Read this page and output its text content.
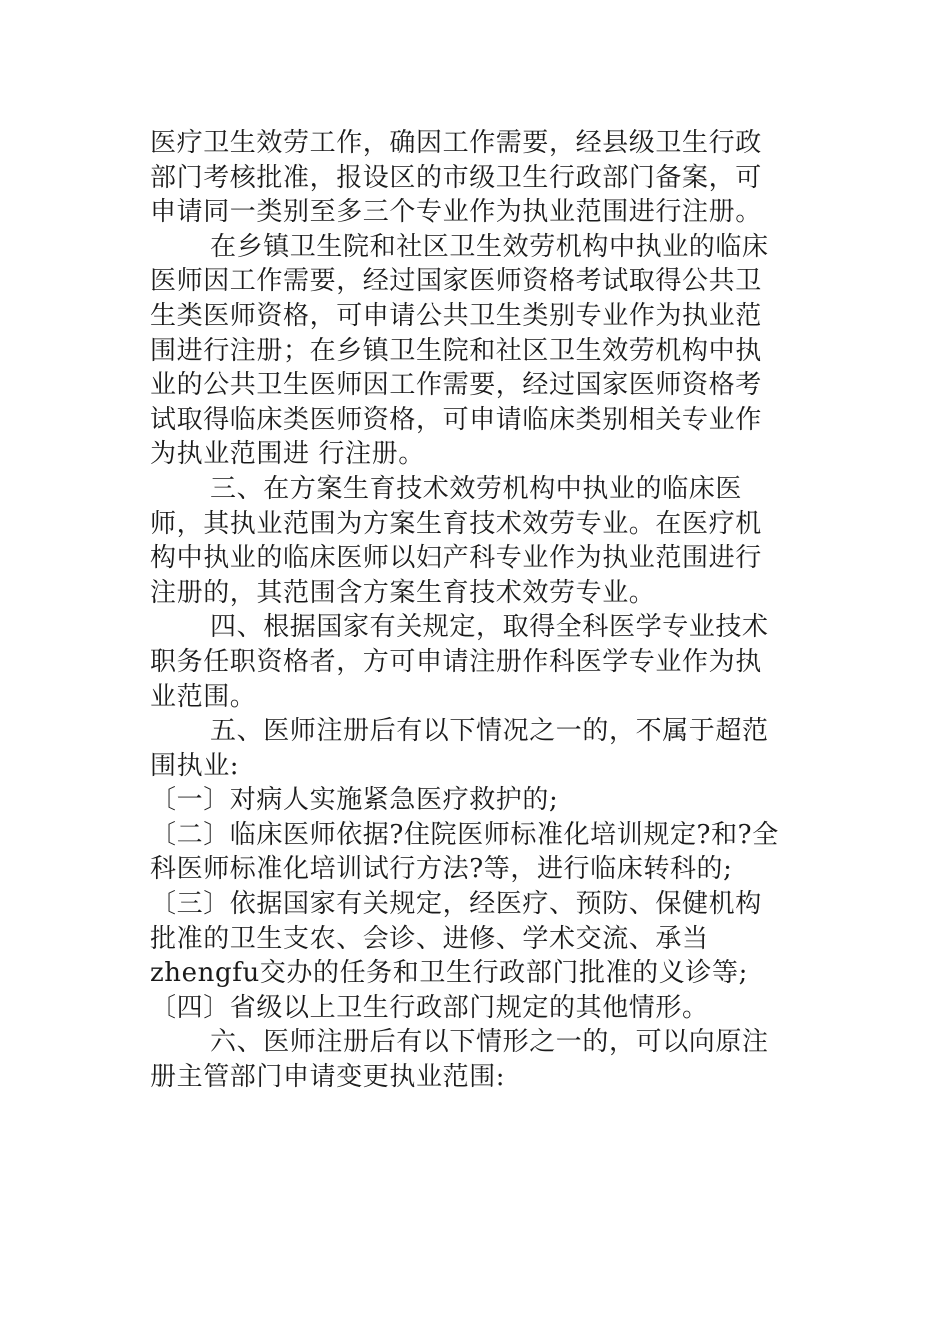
医疗卫生效劳工作，确因工作需要，经县级卫生行政部门考核批准，报设区的市级卫生行政部门备案，可申请同一类别至多三个专业作为执业范围进行注册。

在乡镇卫生院和社区卫生效劳机构中执业的临床医师因工作需要，经过国家医师资格考试取得公共卫生类医师资格，可申请公共卫生类别专业作为执业范围进行注册；在乡镇卫生院和社区卫生效劳机构中执业的公共卫生医师因工作需要，经过国家医师资格考试取得临床类医师资格，可申请临床类别相关专业作为执业范围进 行注册。

三、在方案生育技术效劳机构中执业的临床医师，其执业范围为方案生育技术效劳专业。在医疗机构中执业的临床医师以妇产科专业作为执业范围进行注册的，其范围含方案生育技术效劳专业。

四、根据国家有关规定，取得全科医学专业技术职务任职资格者，方可申请注册作科医学专业作为执业范围。

五、医师注册后有以下情况之一的，不属于超范围执业:

〔一〕对病人实施紧急医疗救护的;

〔二〕临床医师依据?住院医师标准化培训规定?和?全科医师标准化培训试行方法?等，进行临床转科的;

〔三〕依据国家有关规定，经医疗、预防、保健机构批准的卫生支农、会诊、进修、学术交流、承当zhengfu交办的任务和卫生行政部门批准的义诊等;

〔四〕省级以上卫生行政部门规定的其他情形。

六、医师注册后有以下情形之一的，可以向原注册主管部门申请变更执业范围:
